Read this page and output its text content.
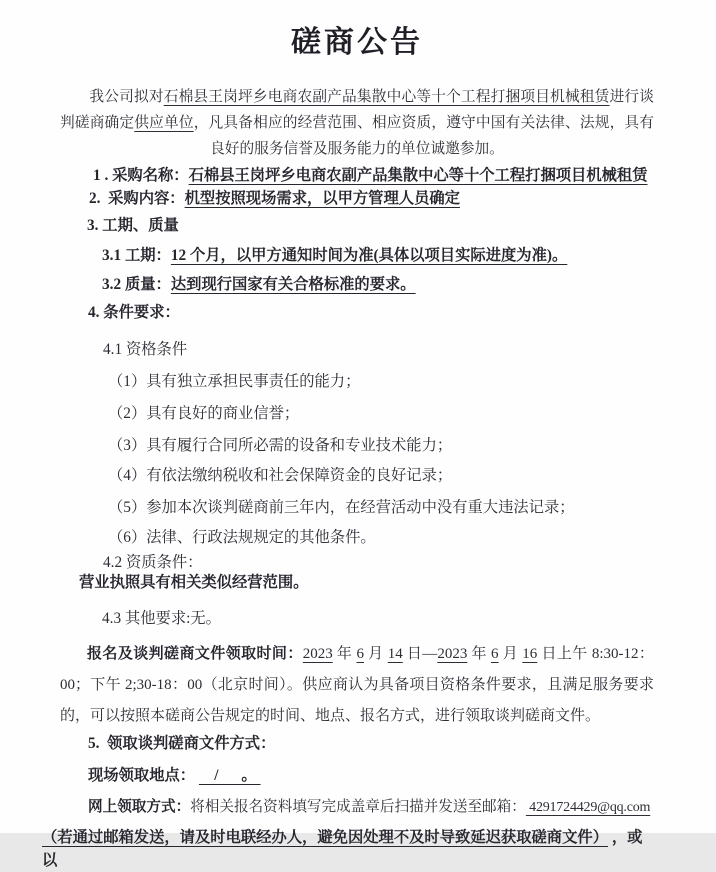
磋商公告
我公司拟对石棉县王岗坪乡电商农副产品集散中心等十个工程打捆项目机械租赁进行谈判磋商确定供应单位，凡具备相应的经营范围、相应资质，遵守中国有关法律、法规，具有良好的服务信誉及服务能力的单位诚邀参加。
1 . 采购名称：石棉县王岗坪乡电商农副产品集散中心等十个工程打捆项目机械租赁
2.  采购内容：机型按照现场需求，以甲方管理人员确定
3. 工期、质量
3.1 工期：12 个月，以甲方通知时间为准(具体以项目实际进度为准)。
3.2 质量：达到现行国家有关合格标准的要求。
4. 条件要求：
4.1 资格条件
（1）具有独立承担民事责任的能力；
（2）具有良好的商业信誉；
（3）具有履行合同所必需的设备和专业技术能力；
（4）有依法缴纳税收和社会保障资金的良好记录；
（5）参加本次谈判磋商前三年内，在经营活动中没有重大违法记录；
（6）法律、行政法规规定的其他条件。
4.2 资质条件：
营业执照具有相关类似经营范围。
4.3 其他要求:无。
报名及谈判磋商文件领取时间：2023 年 6 月 14 日—2023 年 6 月 16 日上午 8:30-12：00；下午 2;30-18：00（北京时间）。供应商认为具备项目资格条件要求，且满足服务要求的，可以按照本磋商公告规定的时间、地点、报名方式，进行领取谈判磋商文件。
5.  领取谈判磋商文件方式：
现场领取地点：     /      。
网上领取方式：将相关报名资料填写完成盖章后扫描并发送至邮箱： 4291724429@qq.com
（若通过邮箱发送，请及时电联经办人，避免因处理不及时导致延迟获取磋商文件） ，或以
